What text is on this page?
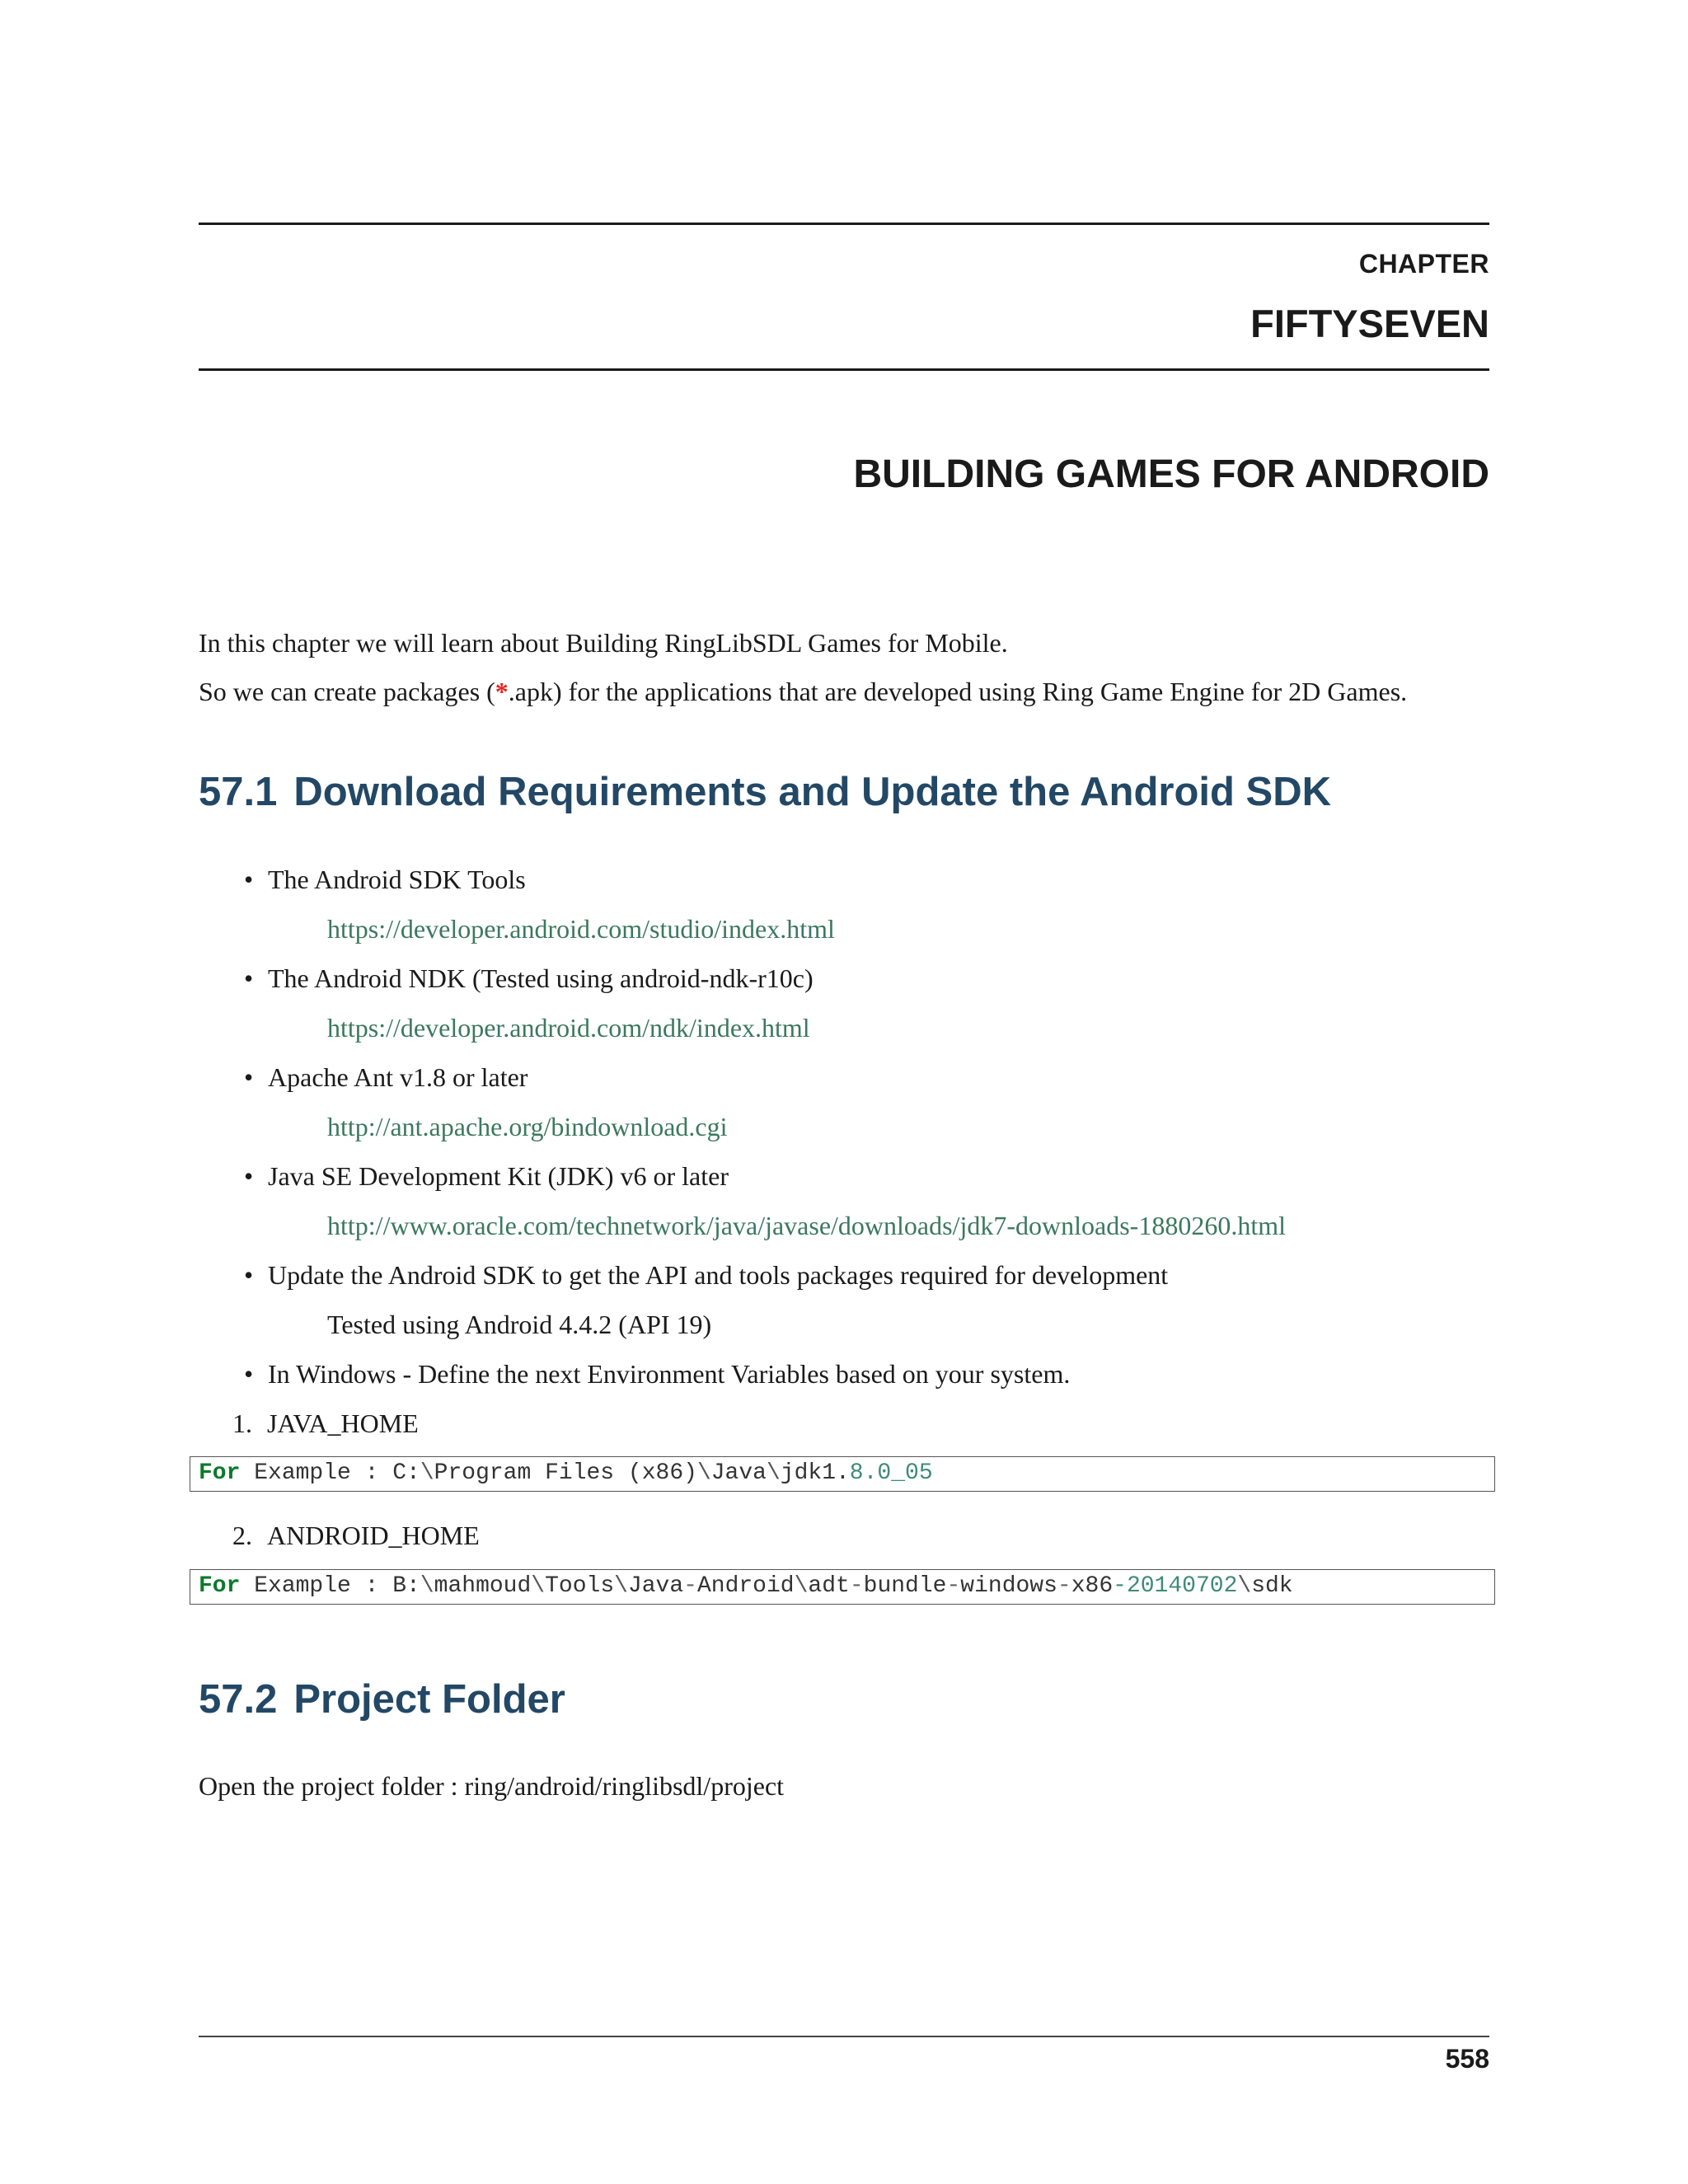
CHAPTER
FIFTYSEVEN
BUILDING GAMES FOR ANDROID
In this chapter we will learn about Building RingLibSDL Games for Mobile.
So we can create packages (*.apk) for the applications that are developed using Ring Game Engine for 2D Games.
57.1 Download Requirements and Update the Android SDK
• The Android SDK Tools
https://developer.android.com/studio/index.html
• The Android NDK (Tested using android-ndk-r10c)
https://developer.android.com/ndk/index.html
• Apache Ant v1.8 or later
http://ant.apache.org/bindownload.cgi
• Java SE Development Kit (JDK) v6 or later
http://www.oracle.com/technetwork/java/javase/downloads/jdk7-downloads-1880260.html
• Update the Android SDK to get the API and tools packages required for development
Tested using Android 4.4.2 (API 19)
• In Windows - Define the next Environment Variables based on your system.
1. JAVA_HOME
For Example : C:\Program Files (x86)\Java\jdk1.8.0_05
2. ANDROID_HOME
For Example : B:\mahmoud\Tools\Java-Android\adt-bundle-windows-x86-20140702\sdk
57.2 Project Folder
Open the project folder : ring/android/ringlibsdl/project
558
